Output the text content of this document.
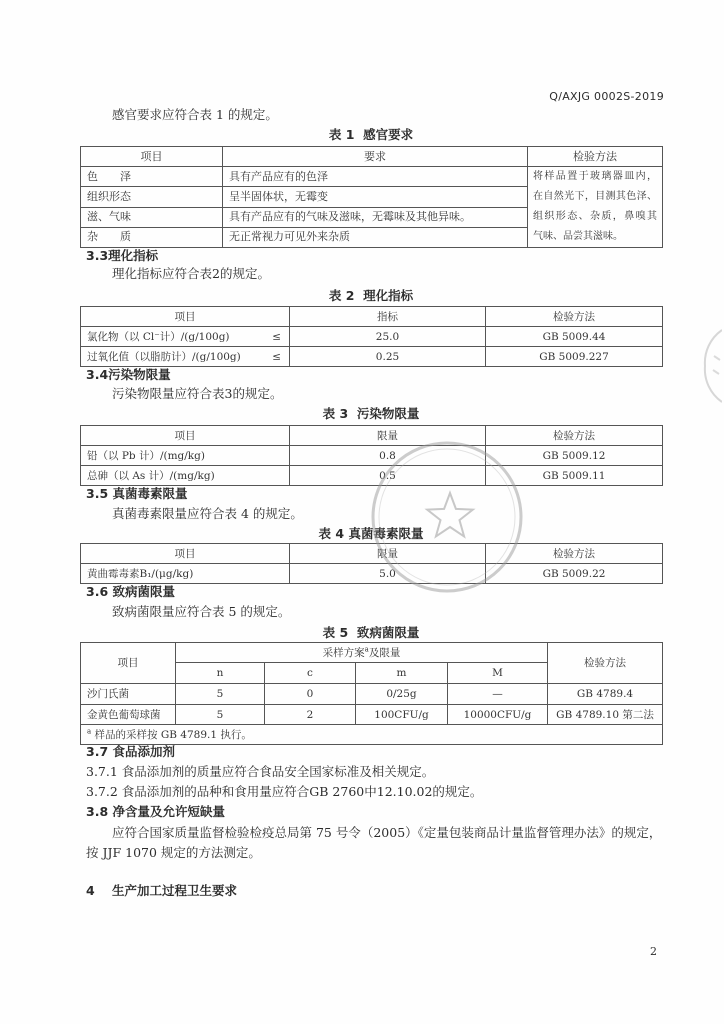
Q/AXJG 0002S-2019

感官要求应符合表 1 的规定。

表 1  感官要求
项目	要求	检验方法
色　　泽	具有产品应有的色泽	将样品置于玻璃器皿内，
在自然光下，目测其色泽、
组织形态、杂质，鼻嗅其
气味、品尝其滋味。

组织形态	呈半固体状，无霉变	
滋、气味	具有产品应有的气味及滋味，无霉味及其他异味。	
杂　　质	无正常视力可见外来杂质	
3.3理化指标

理化指标应符合表2的规定。

表 2  理化指标
项目	指标	检验方法

氯化物（以 Cl⁻计）/(g/100g) ≤	25.0	GB 5009.44

过氧化值（以脂肪计）/(g/100g) ≤	0.25	GB 5009.227
3.4污染物限量

污染物限量应符合表3的规定。

表 3  污染物限量
项目	限量	检验方法
铅（以 Pb 计）/(mg/kg)	0.8	GB 5009.12
总砷（以 As 计）/(mg/kg)	0.5	GB 5009.11
3.5 真菌毒素限量

真菌毒素限量应符合表 4 的规定。

表 4 真菌毒素限量
项目	限量	检验方法
黄曲霉毒素B₁/(μg/kg)	5.0	GB 5009.22
3.6 致病菌限量

致病菌限量应符合表 5 的规定。

表 5  致病菌限量
项目	采样方案$^a$及限量				检验方法
	n	c	m	M	
沙门氏菌	5	0	0/25g	—	GB 4789.4
金黄色葡萄球菌	5	2	100CFU/g	10000CFU/g	GB 4789.10 第二法
$^a$ 样品的采样按 GB 4789.1 执行。					
3.7 食品添加剂

3.7.1 食品添加剂的质量应符合食品安全国家标准及相关规定。

3.7.2 食品添加剂的品种和食用量应符合GB 2760中12.10.02的规定。

3.8 净含量及允许短缺量

应符合国家质量监督检验检疫总局第 75 号令（2005）《定量包装商品计量监督管理办法》的规定，

按 JJF 1070 规定的方法测定。

4 生产加工过程卫生要求
2
